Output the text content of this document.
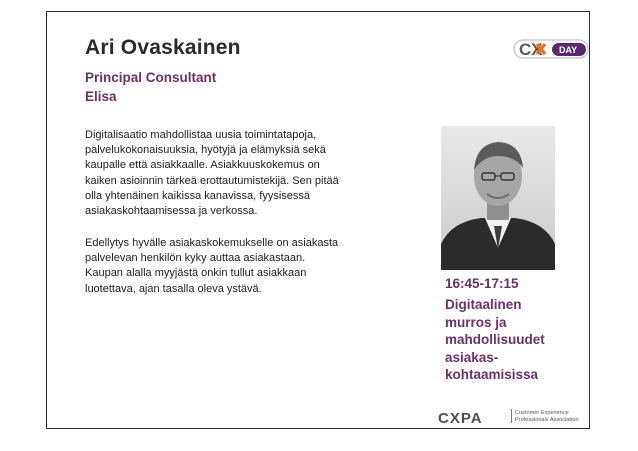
Ari Ovaskainen
Principal Consultant
Elisa
Digitalisaatio mahdollistaa uusia toimintatapoja,
palvelukokonaisuuksia, hyötyjä ja elämyksiä sekä
kaupalle että asiakkaalle. Asiakkuuskokemus on
kaiken asioinnin tärkeä erottautumistekijä. Sen pitää
olla yhtenäinen kaikissa kanavissa, fyysisessä
asiakaskohtaamisessa ja verkossa.
Edellytys hyvälle asiakaskokemukselle on asiakasta
palvelevan henkilön kyky auttaa asiakastaan.
Kaupan alalla myyjästä onkin tullut asiakkaan
luotettava, ajan tasalla oleva ystävä.
CX DAY
16:45-17:15
Digitaalinen
murros ja
mahdollisuudet
asiakas-
kohtaamisissa
CXPA	Customer Experience
Professionals Association
